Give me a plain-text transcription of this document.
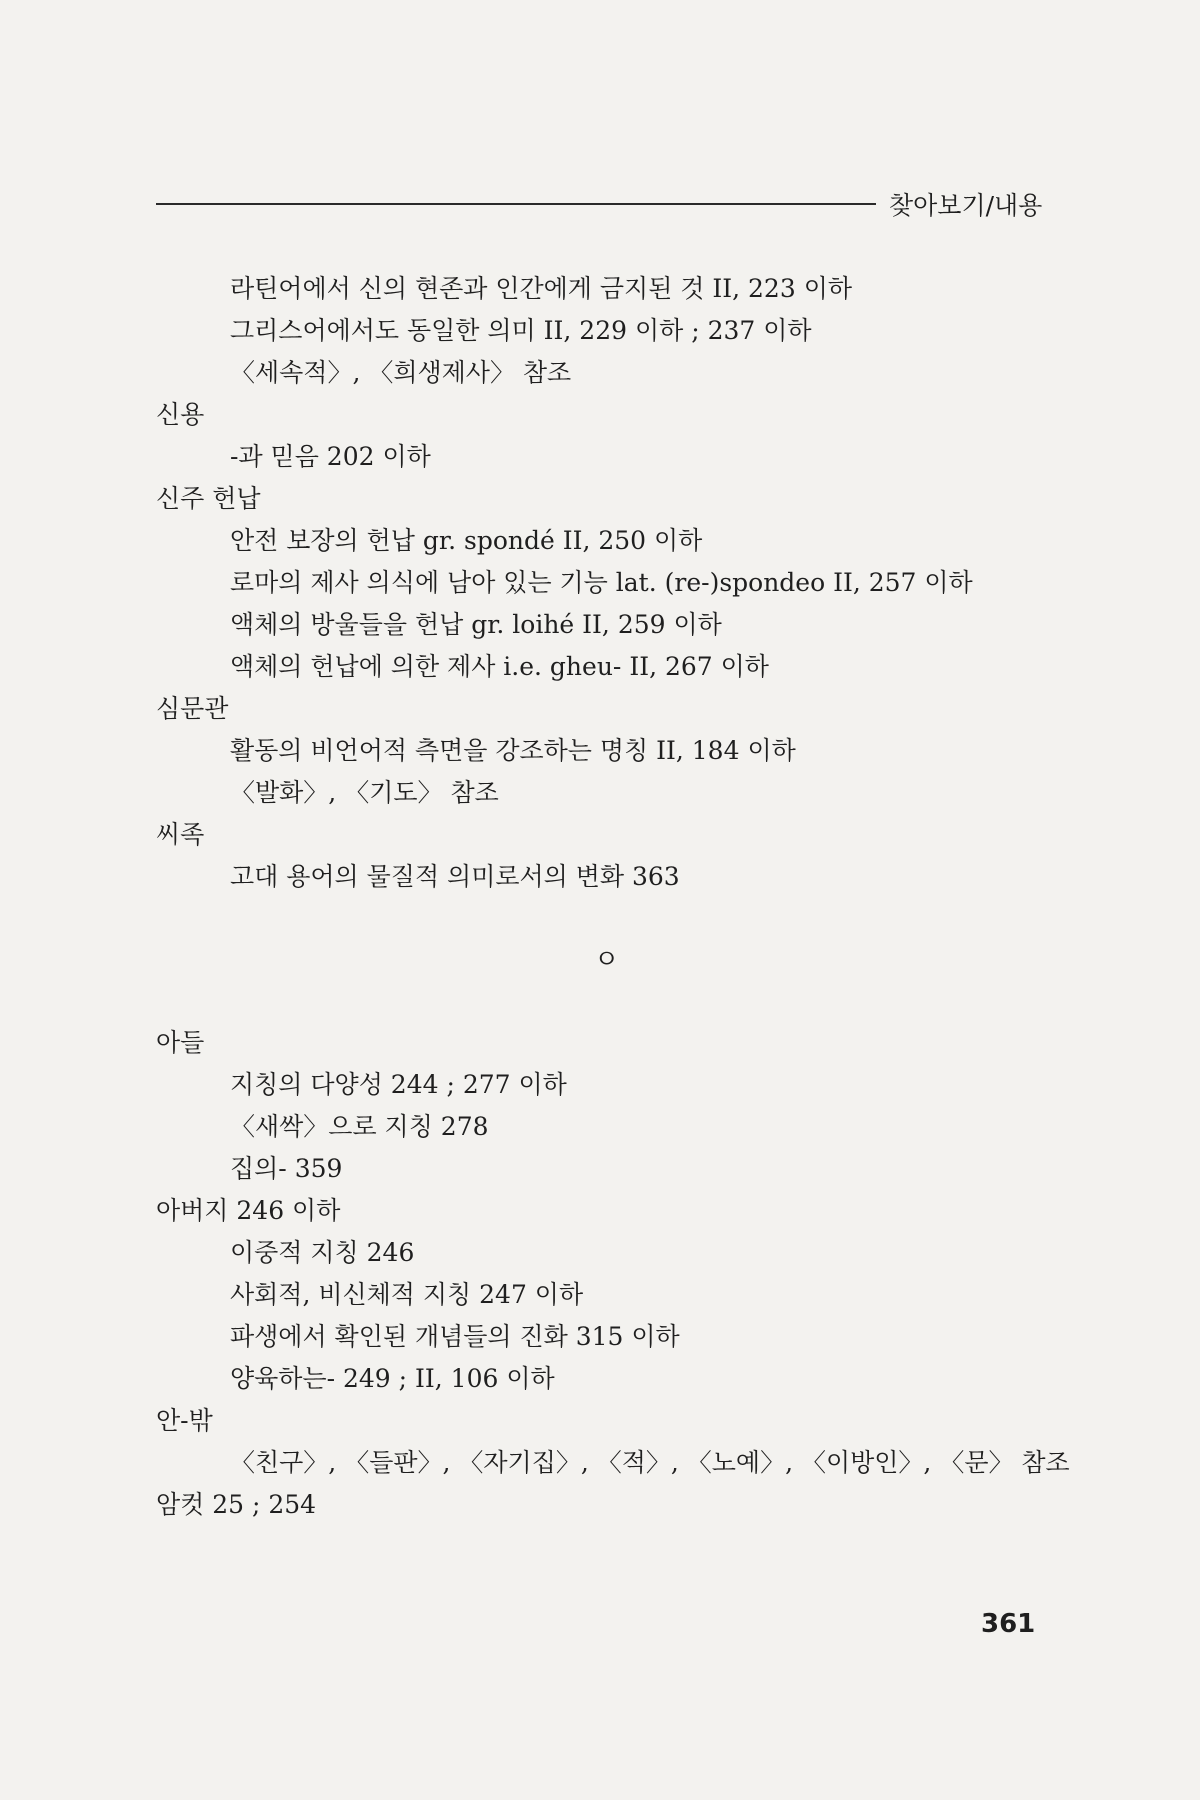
찾아보기/내용
라틴어에서 신의 현존과 인간에게 금지된 것 II, 223 이하
그리스어에서도 동일한 의미 II, 229 이하 ; 237 이하
〈세속적〉, 〈희생제사〉 참조
신용
-과 믿음 202 이하
신주 헌납
안전 보장의 헌납 gr. spondé II, 250 이하
로마의 제사 의식에 남아 있는 기능 lat. (re-)spondeo II, 257 이하
액체의 방울들을 헌납 gr. loihé II, 259 이하
액체의 헌납에 의한 제사 i.e. gheu- II, 267 이하
심문관
활동의 비언어적 측면을 강조하는 명칭 II, 184 이하
〈발화〉, 〈기도〉 참조
씨족
고대 용어의 물질적 의미로서의 변화 363
ㅇ
아들
지칭의 다양성 244 ; 277 이하
〈새싹〉으로 지칭 278
집의- 359
아버지 246 이하
이중적 지칭 246
사회적, 비신체적 지칭 247 이하
파생에서 확인된 개념들의 진화 315 이하
양육하는- 249 ; II, 106 이하
안-밖
〈친구〉, 〈들판〉, 〈자기집〉, 〈적〉, 〈노예〉, 〈이방인〉, 〈문〉 참조
암컷 25 ; 254
361
